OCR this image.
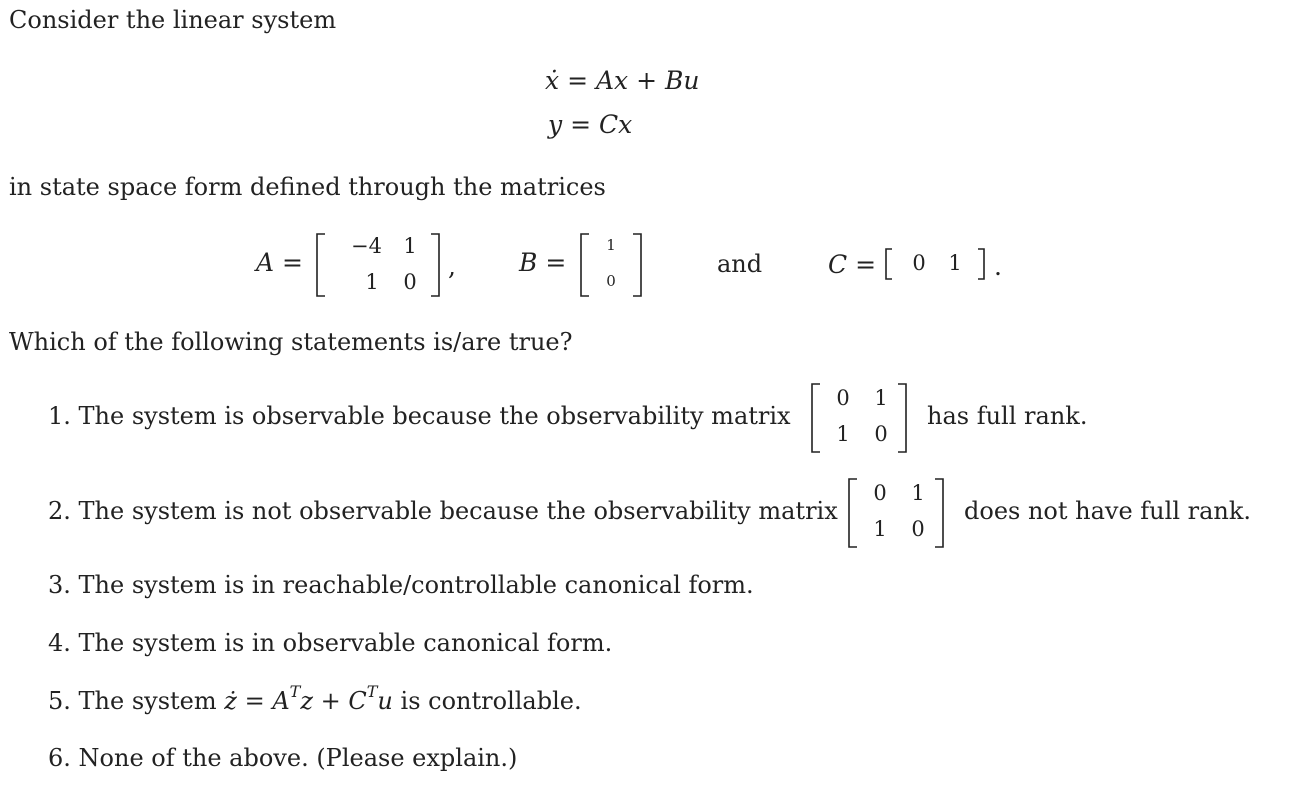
Consider the linear system
ẋ = Ax + Bu
y = Cx
in state space form defined through the matrices
A =
−4	1
1	0
,	B =
1
0
and	C =	0	1	.
Which of the following statements is/are true?
1. The system is observable because the observability matrix
0	1
1	0
has full rank.
2. The system is not observable because the observability matrix
0	1
1	0
does not have full rank.
3. The system is in reachable/controllable canonical form.
4. The system is in observable canonical form.
5. The system ż = $A^Tz + C^Tu$ is controllable.
6. None of the above. (Please explain.)
